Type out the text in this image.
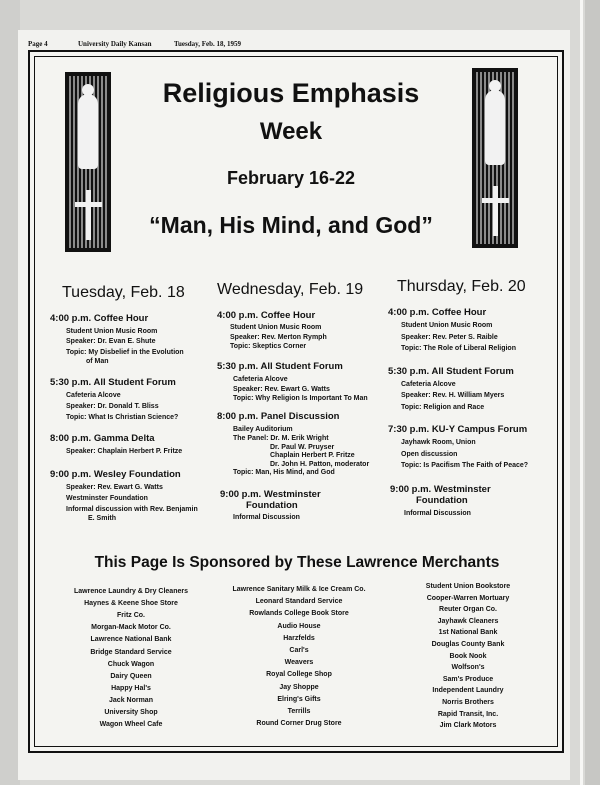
Page 4	University Daily Kansan	Tuesday, Feb. 18, 1959
Religious Emphasis
Week
February 16-22
“Man, His Mind, and God”
Tuesday, Feb. 18
4:00 p.m. Coffee Hour
Student Union Music Room
Speaker: Dr. Evan E. Shute
Topic: My Disbelief in the Evolution
of Man
5:30 p.m. All Student Forum
Cafeteria Alcove
Speaker: Dr. Donald T. Bliss
Topic: What Is Christian Science?
8:00 p.m. Gamma Delta
Speaker: Chaplain Herbert P. Fritze
9:00 p.m. Wesley Foundation
Speaker: Rev. Ewart G. Watts
Westminster Foundation
Informal discussion with Rev. Benjamin
E. Smith
Wednesday, Feb. 19
4:00 p.m. Coffee Hour
Student Union Music Room
Speaker: Rev. Merton Rymph
Topic: Skeptics Corner
5:30 p.m. All Student Forum
Cafeteria Alcove
Speaker: Rev. Ewart G. Watts
Topic: Why Religion Is Important To Man
8:00 p.m. Panel Discussion
Bailey Auditorium
The Panel: Dr. M. Erik Wright
Dr. Paul W. Pruyser
Chaplain Herbert P. Fritze
Dr. John H. Patton, moderator
Topic: Man, His Mind, and God
9:00 p.m. Westminster
Foundation
Informal Discussion
Thursday, Feb. 20
4:00 p.m. Coffee Hour
Student Union Music Room
Speaker: Rev. Peter S. Raible
Topic: The Role of Liberal Religion
5:30 p.m. All Student Forum
Cafeteria Alcove
Speaker: Rev. H. William Myers
Topic: Religion and Race
7:30 p.m. KU-Y Campus Forum
Jayhawk Room, Union
Open discussion
Topic: Is Pacifism The Faith of Peace?
9:00 p.m. Westminster
Foundation
Informal Discussion
This Page Is Sponsored by These Lawrence Merchants
Lawrence Laundry & Dry Cleaners
Haynes & Keene Shoe Store
Fritz Co.
Morgan-Mack Motor Co.
Lawrence National Bank
Bridge Standard Service
Chuck Wagon
Dairy Queen
Happy Hal's
Jack Norman
University Shop
Wagon Wheel Cafe
Lawrence Sanitary Milk & Ice Cream Co.
Leonard Standard Service
Rowlands College Book Store
Audio House
Harzfelds
Carl's
Weavers
Royal College Shop
Jay Shoppe
Elring's Gifts
Terrills
Round Corner Drug Store
Student Union Bookstore
Cooper-Warren Mortuary
Reuter Organ Co.
Jayhawk Cleaners
1st National Bank
Douglas County Bank
Book Nook
Wolfson's
Sam's Produce
Independent Laundry
Norris Brothers
Rapid Transit, Inc.
Jim Clark Motors
